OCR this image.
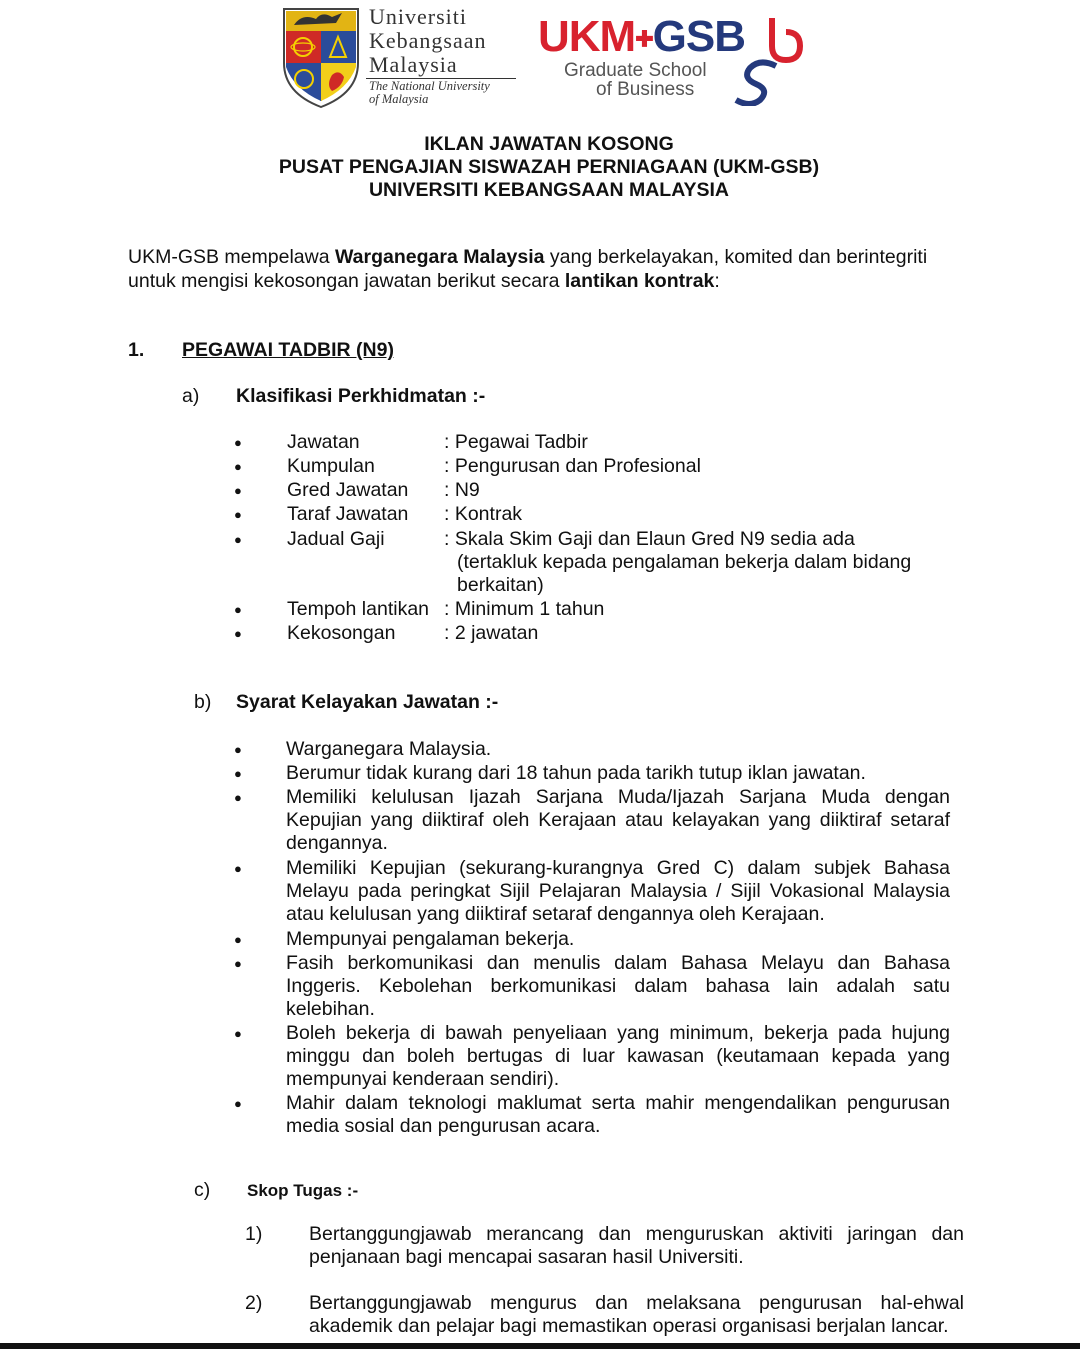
Universiti
Kebangsaan
Malaysia
The National University
of Malaysia
UKM✚GSB
Graduate School
of Business
IKLAN JAWATAN KOSONG
PUSAT PENGAJIAN SISWAZAH PERNIAGAAN (UKM-GSB)
UNIVERSITI KEBANGSAAN MALAYSIA
UKM-GSB mempelawa Warganegara Malaysia yang berkelayakan, komited dan berintegriti
untuk mengisi kekosongan jawatan berikut secara lantikan kontrak:
1. PEGAWAI TADBIR (N9)
a) Klasifikasi Perkhidmatan :-
● Jawatan	: Pegawai Tadbir
● Kumpulan	: Pengurusan dan Profesional
● Gred Jawatan : N9
● Taraf Jawatan : Kontrak
● Jadual Gaji	: Skala Skim Gaji dan Elaun Gred N9 sedia ada
(tertakluk kepada pengalaman bekerja dalam bidang
berkaitan)
● Tempoh lantikan : Minimum 1 tahun
● Kekosongan : 2 jawatan
b) Syarat Kelayakan Jawatan :-
● Warganegara Malaysia.
● Berumur tidak kurang dari 18 tahun pada tarikh tutup iklan jawatan.
● Memiliki kelulusan Ijazah Sarjana Muda/Ijazah Sarjana Muda dengan
Kepujian yang diiktiraf oleh Kerajaan atau kelayakan yang diiktiraf setaraf
dengannya.
● Memiliki Kepujian (sekurang-kurangnya Gred C) dalam subjek Bahasa
Melayu pada peringkat Sijil Pelajaran Malaysia / Sijil Vokasional Malaysia
atau kelulusan yang diiktiraf setaraf dengannya oleh Kerajaan.
● Mempunyai pengalaman bekerja.
● Fasih berkomunikasi dan menulis dalam Bahasa Melayu dan Bahasa
Inggeris. Kebolehan berkomunikasi dalam bahasa lain adalah satu
kelebihan.
● Boleh bekerja di bawah penyeliaan yang minimum, bekerja pada hujung
minggu dan boleh bertugas di luar kawasan (keutamaan kepada yang
mempunyai kenderaan sendiri).
● Mahir dalam teknologi maklumat serta mahir mengendalikan pengurusan
media sosial dan pengurusan acara.
c) Skop Tugas :-
1) Bertanggungjawab merancang dan menguruskan aktiviti jaringan dan
penjanaan bagi mencapai sasaran hasil Universiti.
2) Bertanggungjawab mengurus dan melaksana pengurusan hal-ehwal
akademik dan pelajar bagi memastikan operasi organisasi berjalan lancar.
